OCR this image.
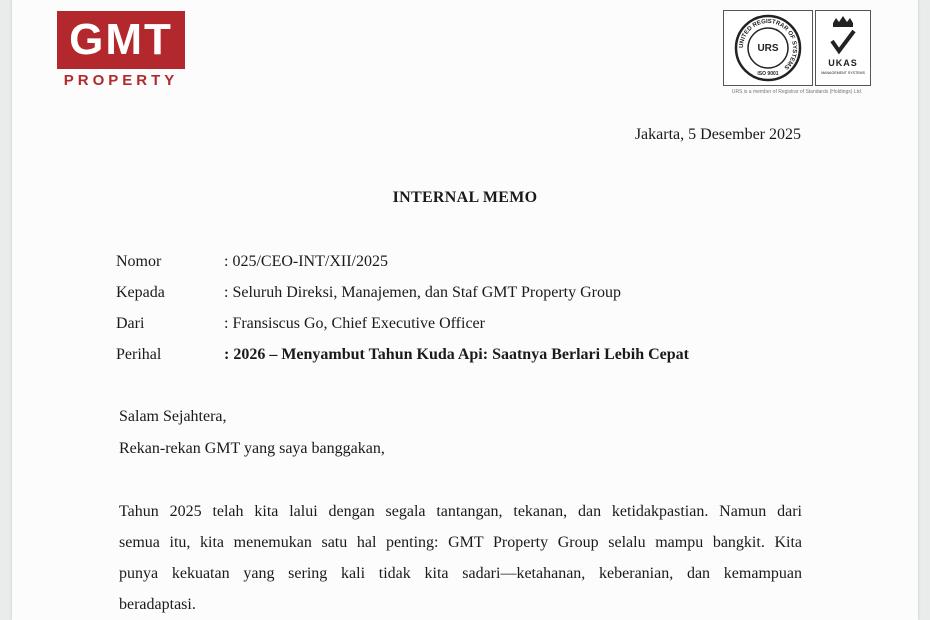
GMT
PROPERTY
UNITED REGISTRAR OF SYSTEMS
URS
ISO 9001
UKAS
MANAGEMENT SYSTEMS
URS is a member of Registrar of Standards (Holdings) Ltd.
Jakarta, 5 Desember 2025
INTERNAL MEMO
Nomor	: 025/CEO-INT/XII/2025
Kepada	: Seluruh Direksi, Manajemen, dan Staf GMT Property Group
Dari	: Fransiscus Go, Chief Executive Officer
Perihal	: 2026 – Menyambut Tahun Kuda Api: Saatnya Berlari Lebih Cepat
Salam Sejahtera,
Rekan-rekan GMT yang saya banggakan,
Tahun 2025 telah kita lalui dengan segala tantangan, tekanan, dan ketidakpastian. Namun dari
semua itu, kita menemukan satu hal penting: GMT Property Group selalu mampu bangkit. Kita
punya kekuatan yang sering kali tidak kita sadari—ketahanan, keberanian, dan kemampuan
beradaptasi.
